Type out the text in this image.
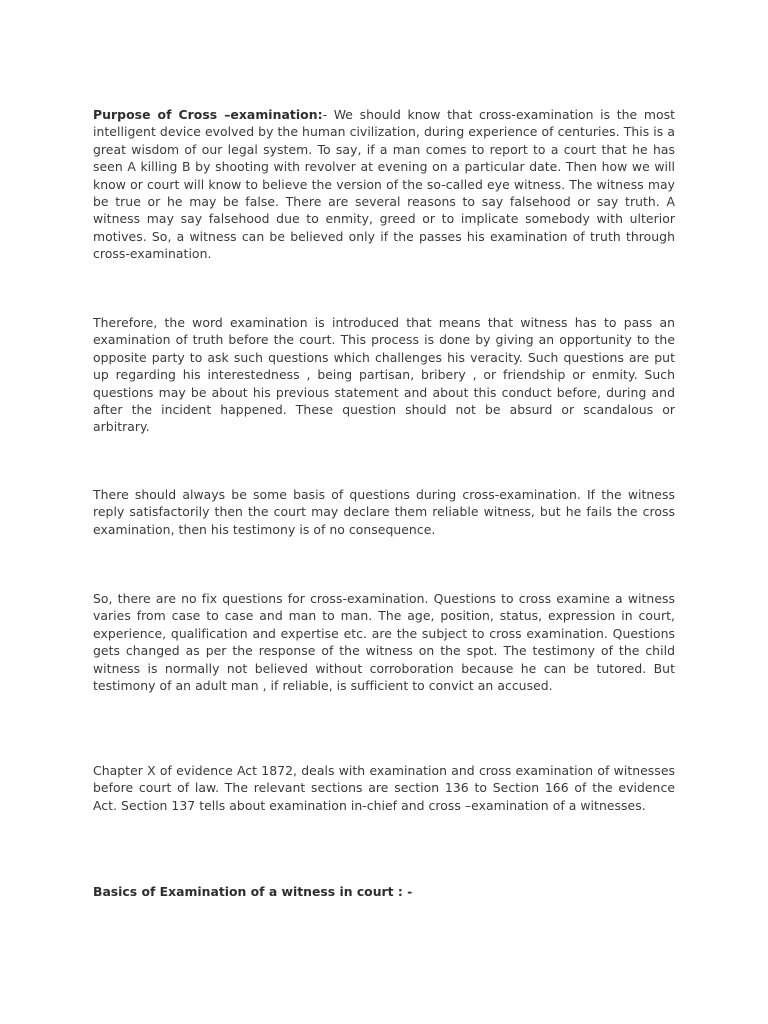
Purpose of Cross –examination:- We should know that cross-examination is the most intelligent device evolved by the human civilization, during experience of centuries. This is a great wisdom of our legal system. To say, if a man comes to report to a court that he has seen A killing B by shooting with revolver at evening on a particular date. Then how we will know or court will know to believe the version of the so-called eye witness. The witness may be true or he may be false. There are several reasons to say falsehood or say truth. A witness may say falsehood due to enmity, greed or to implicate somebody with ulterior motives. So, a witness can be believed only if the passes his examination of truth through cross-examination.

Therefore, the word examination is introduced that means that witness has to pass an examination of truth before the court. This process is done by giving an opportunity to the opposite party to ask such questions which challenges his veracity. Such questions are put up regarding his interestedness , being partisan, bribery , or friendship or enmity. Such questions may be about his previous statement and about this conduct before, during and after the incident happened. These question should not be absurd or scandalous or arbitrary.

There should always be some basis of questions during cross-examination. If the witness reply satisfactorily then the court may declare them reliable witness, but he fails the cross examination, then his testimony is of no consequence.

So, there are no fix questions for cross-examination. Questions to cross examine a witness varies from case to case and man to man. The age, position, status, expression in court, experience, qualification and expertise etc. are the subject to cross examination. Questions gets changed as per the response of the witness on the spot. The testimony of the child witness is normally not believed without corroboration because he can be tutored. But testimony of an adult man , if reliable, is sufficient to convict an accused.

Chapter X of evidence Act 1872, deals with examination and cross examination of witnesses before court of law. The relevant sections are section 136 to Section 166 of the evidence Act. Section 137 tells about examination in-chief and cross –examination of a witnesses.

Basics of Examination of a witness in court : -
